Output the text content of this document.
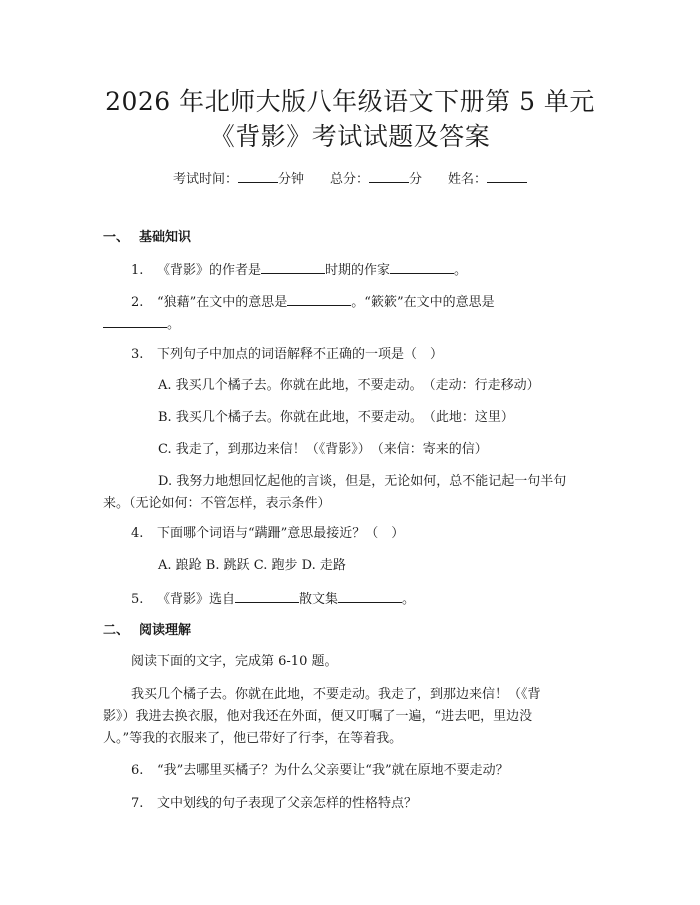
2026 年北师大版八年级语文下册第 5 单元
《背影》考试试题及答案
考试时间：	分钟 总分：	分 姓名：
一、 基础知识
1. 《背影》的作者是	时期的作家	。
2. “狼藉”在文中的意思是	。“簌簌”在文中的意思是
。
3. 下列句子中加点的词语解释不正确的一项是（　）
A. 我买几个橘子去。你就在此地，不要走动。　（走动：行走移动）
B. 我买几个橘子去。你就在此地，不要走动。　（此地：这里）
C. 我走了，到那边来信！（《背影》）　（来信：寄来的信）
D. 我努力地想回忆起他的言谈，但是，无论如何，总不能记起一句半句
来。（无论如何：不管怎样，表示条件）
4. 下面哪个词语与“蹒跚”意思最接近？（　）
A. 踉跄 B. 跳跃 C. 跑步 D. 走路
5. 《背影》选自	散文集	。
二、 阅读理解
阅读下面的文字，完成第 6-10 题。
我买几个橘子去。你就在此地，不要走动。我走了，到那边来信！（《背
影》）我进去换衣服，他对我还在外面，便又叮嘱了一遍，“进去吧，里边没
人。”等我的衣服来了，他已带好了行李，在等着我。
6. “我”去哪里买橘子？为什么父亲要让“我”就在原地不要走动？
7. 文中划线的句子表现了父亲怎样的性格特点？
